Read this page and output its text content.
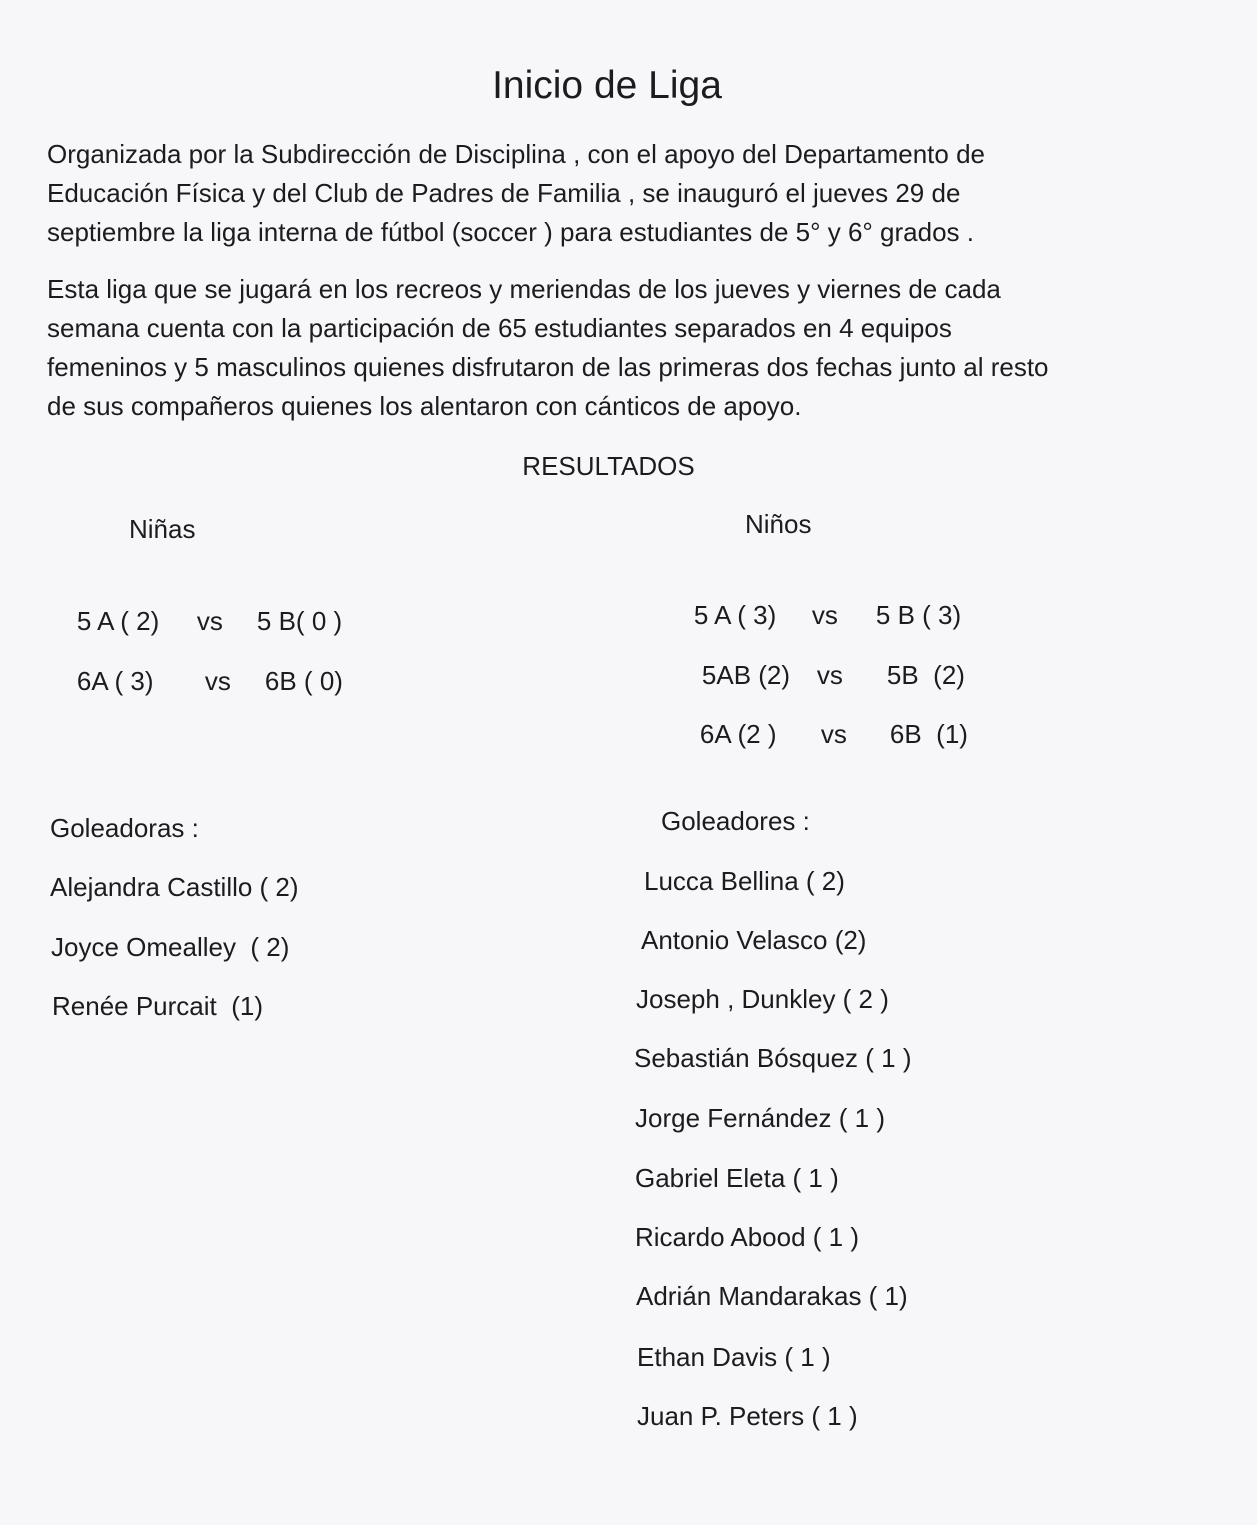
Inicio de Liga

Organizada por la Subdirección de Disciplina , con el apoyo del Departamento de
Educación Física y del Club de Padres de Familia , se inauguró el jueves 29 de
septiembre la liga interna de fútbol (soccer ) para estudiantes de 5° y 6° grados .

Esta liga que se jugará en los recreos y meriendas de los jueves y viernes de cada
semana cuenta con la participación de 65 estudiantes separados en 4 equipos
femeninos y 5 masculinos quienes disfrutaron de las primeras dos fechas junto al resto
de sus compañeros quienes los alentaron con cánticos de apoyo.

RESULTADOS
Niñas

5 A ( 2) vs 5 B( 0 )

6A ( 3) vs 6B ( 0)

Goleadoras :
Alejandra Castillo ( 2)
Joyce Omealley  ( 2)
Renée Purcait  (1)
Niños

5 A ( 3) vs 5 B ( 3)

5AB (2) vs 5B  (2)

6A (2 ) vs 6B  (1)

Goleadores :
Lucca Bellina ( 2)
Antonio Velasco (2)
Joseph , Dunkley ( 2 )
Sebastián Bósquez ( 1 )
Jorge Fernández ( 1 )
Gabriel Eleta ( 1 )
Ricardo Abood ( 1 )
Adrián Mandarakas ( 1)
Ethan Davis ( 1 )
Juan P. Peters ( 1 )
